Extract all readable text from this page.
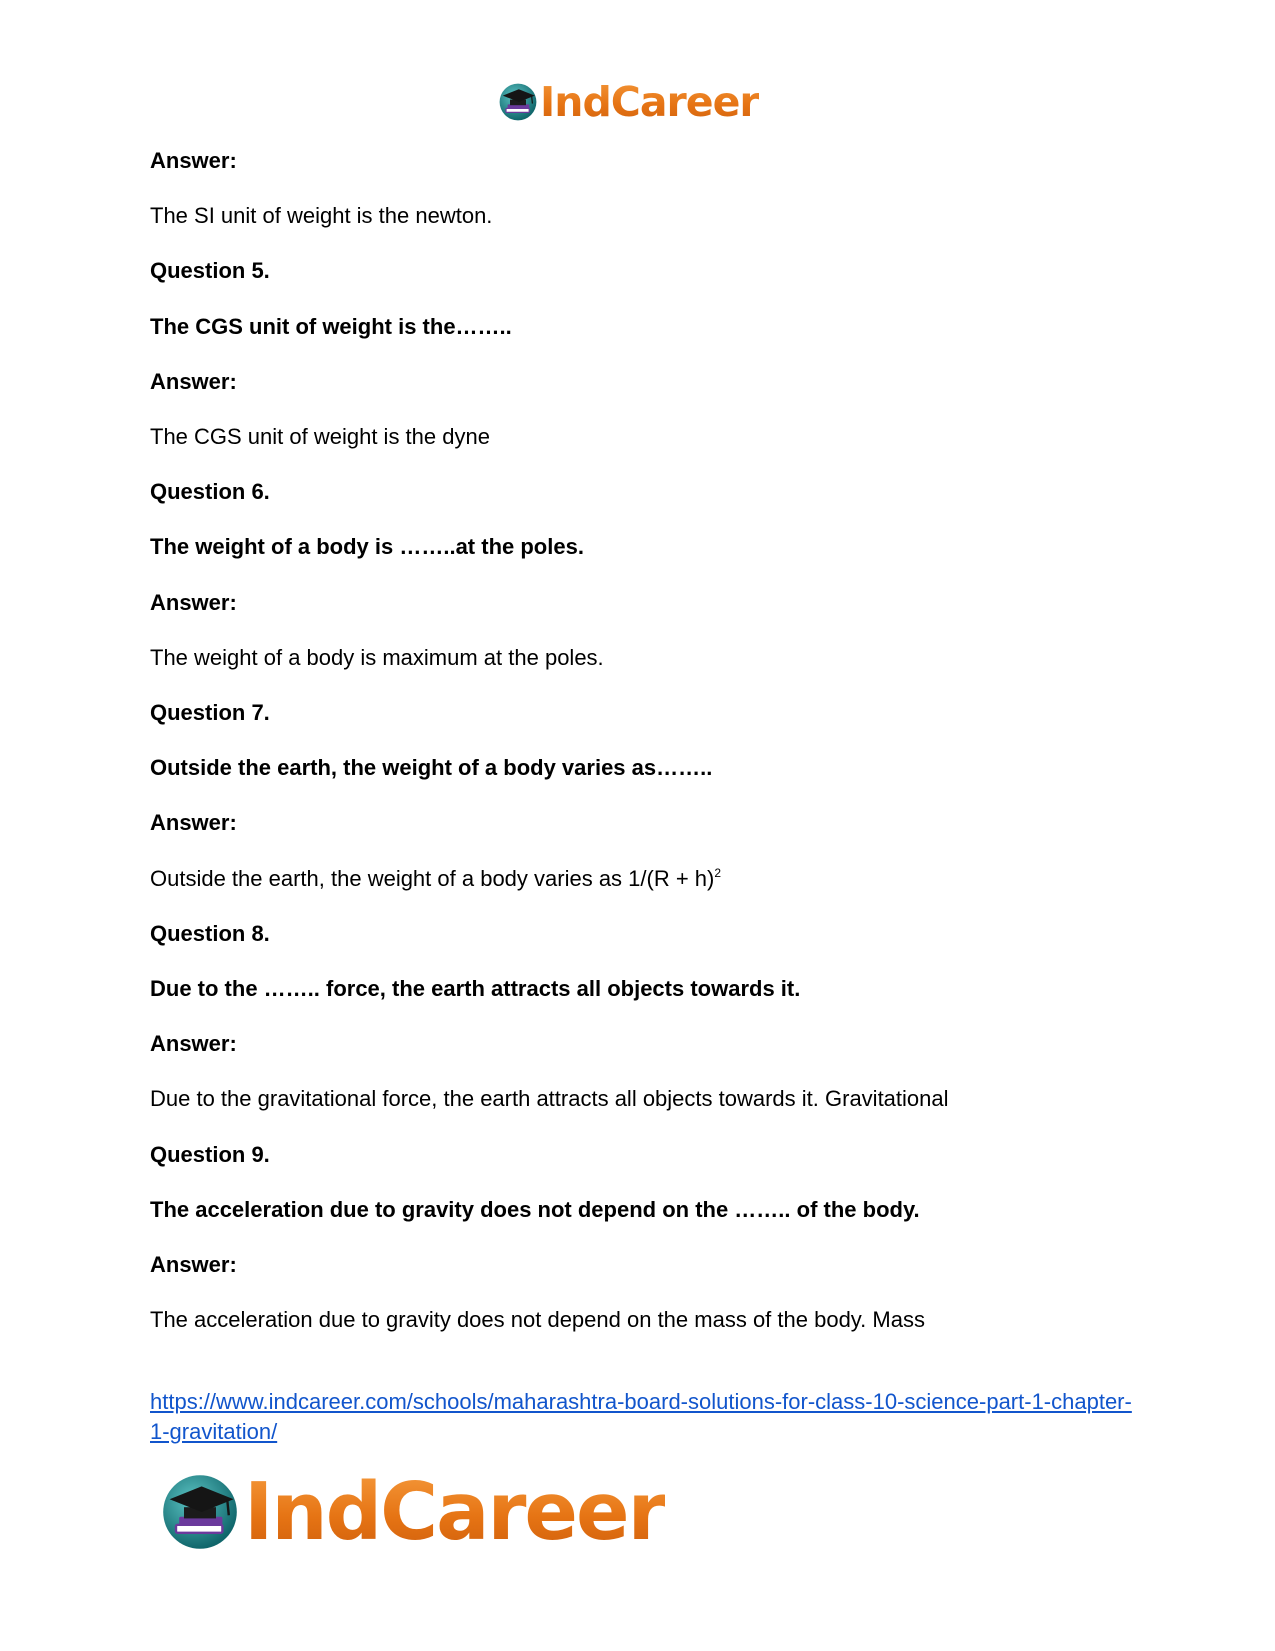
IndCareer
Answer:
The SI unit of weight is the newton.
Question 5.
The CGS unit of weight is the……..
Answer:
The CGS unit of weight is the dyne
Question 6.
The weight of a body is ……..at the poles.
Answer:
The weight of a body is maximum at the poles.
Question 7.
Outside the earth, the weight of a body varies as……..
Answer:
Outside the earth, the weight of a body varies as $1/(R + h)^2$
Question 8.
Due to the …….. force, the earth attracts all objects towards it.
Answer:
Due to the gravitational force, the earth attracts all objects towards it. Gravitational
Question 9.
The acceleration due to gravity does not depend on the …….. of the body.
Answer:
The acceleration due to gravity does not depend on the mass of the body. Mass
https://www.indcareer.com/schools/maharashtra-board-solutions-for-class-10-science-part-1-chapter-1-gravitation/
IndCareer
